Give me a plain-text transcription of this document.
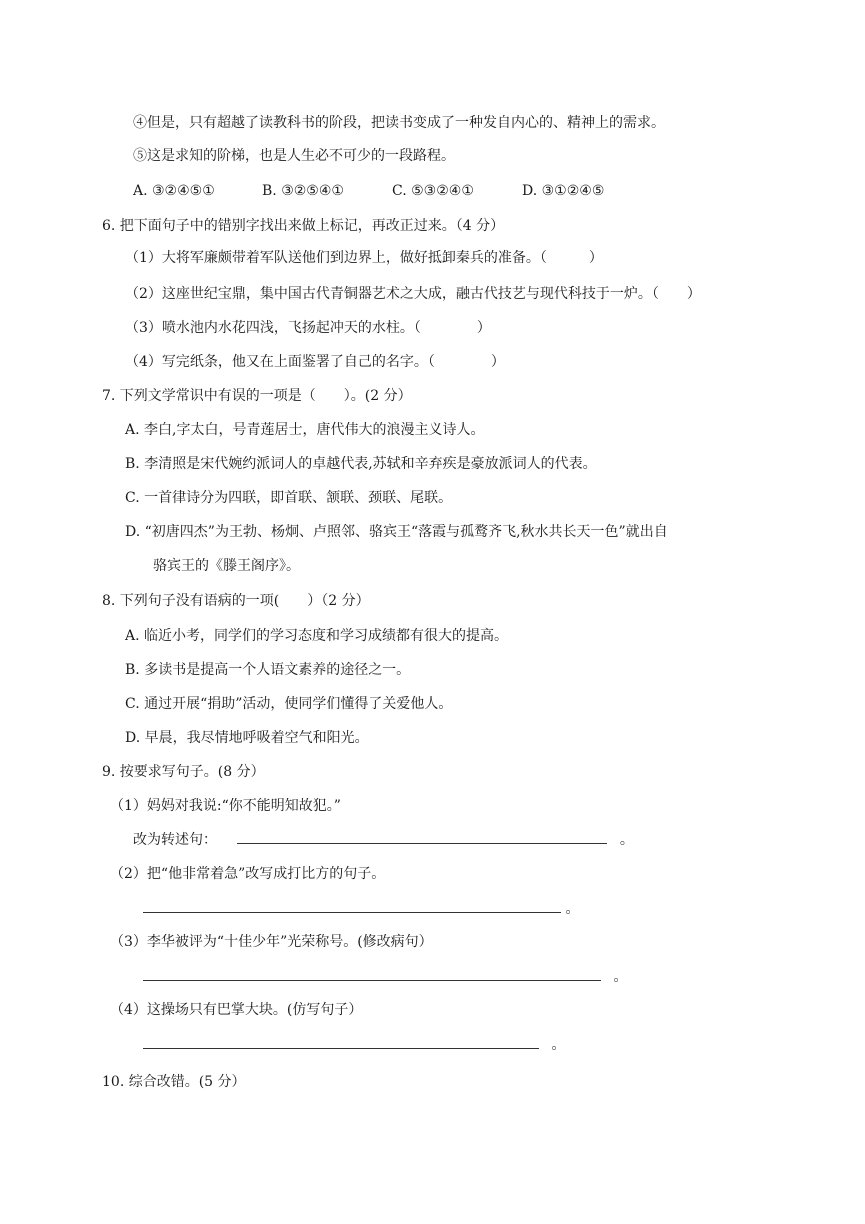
④但是，只有超越了读教科书的阶段，把读书变成了一种发自内心的、精神上的需求。
⑤这是求知的阶梯，也是人生必不可少的一段路程。
A. ③②④⑤①	B. ③②⑤④①	C. ⑤③②④①	D. ③①②④⑤
6. 把下面句子中的错别字找出来做上标记，再改正过来。（4 分）
（1）大将军廉颇带着军队送他们到边界上，做好抵卸秦兵的准备。（　　　）
（2）这座世纪宝鼎，集中国古代青铜器艺术之大成，融古代技艺与现代科技于一炉。（　　）
（3）喷水池内水花四浅，飞扬起冲天的水柱。（　　　　）
（4）写完纸条，他又在上面鉴署了自己的名字。（　　　　）
7. 下列文学常识中有误的一项是（　　）。(2 分）
A. 李白,字太白，号青莲居士，唐代伟大的浪漫主义诗人。
B. 李清照是宋代婉约派词人的卓越代表,苏轼和辛弃疾是豪放派词人的代表。
C. 一首律诗分为四联，即首联、颔联、颈联、尾联。
D. “初唐四杰”为王勃、杨炯、卢照邻、骆宾王“落霞与孤鹜齐飞,秋水共长天一色”就出自
骆宾王的《滕王阁序》。
8. 下列句子没有语病的一项(　　）（2 分）
A. 临近小考，同学们的学习态度和学习成绩都有很大的提高。
B. 多读书是提高一个人语文素养的途径之一。
C. 通过开展“捐助”活动，使同学们懂得了关爱他人。
D. 早晨，我尽情地呼吸着空气和阳光。
9. 按要求写句子。(8 分）
（1）妈妈对我说:“你不能明知故犯。”
改为转述句：	。
（2）把“他非常着急”改写成打比方的句子。
。
（3）李华被评为“十佳少年”光荣称号。(修改病句）
。
（4）这操场只有巴掌大块。(仿写句子）
。
10. 综合改错。(5 分）
